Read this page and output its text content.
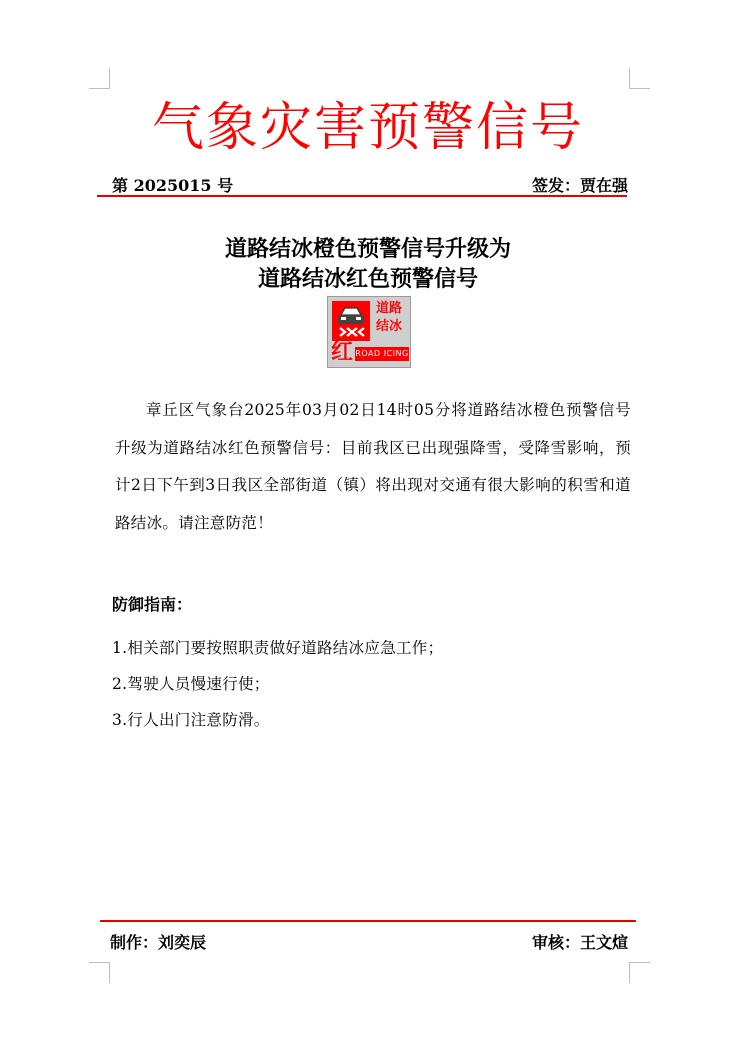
气象灾害预警信号
第 2025015 号	签发：贾在强
道路结冰橙色预警信号升级为
道路结冰红色预警信号
道路
结冰
红 ROAD ICING
章丘区气象台2025年03月02日14时05分将道路结冰橙色预警信号升级为道路结冰红色预警信号：目前我区已出现强降雪，受降雪影响，预计2日下午到3日我区全部街道（镇）将出现对交通有很大影响的积雪和道路结冰。请注意防范！
防御指南：
1.相关部门要按照职责做好道路结冰应急工作；
2.驾驶人员慢速行使；
3.行人出门注意防滑。
制作：刘奕辰	审核：王文煊
